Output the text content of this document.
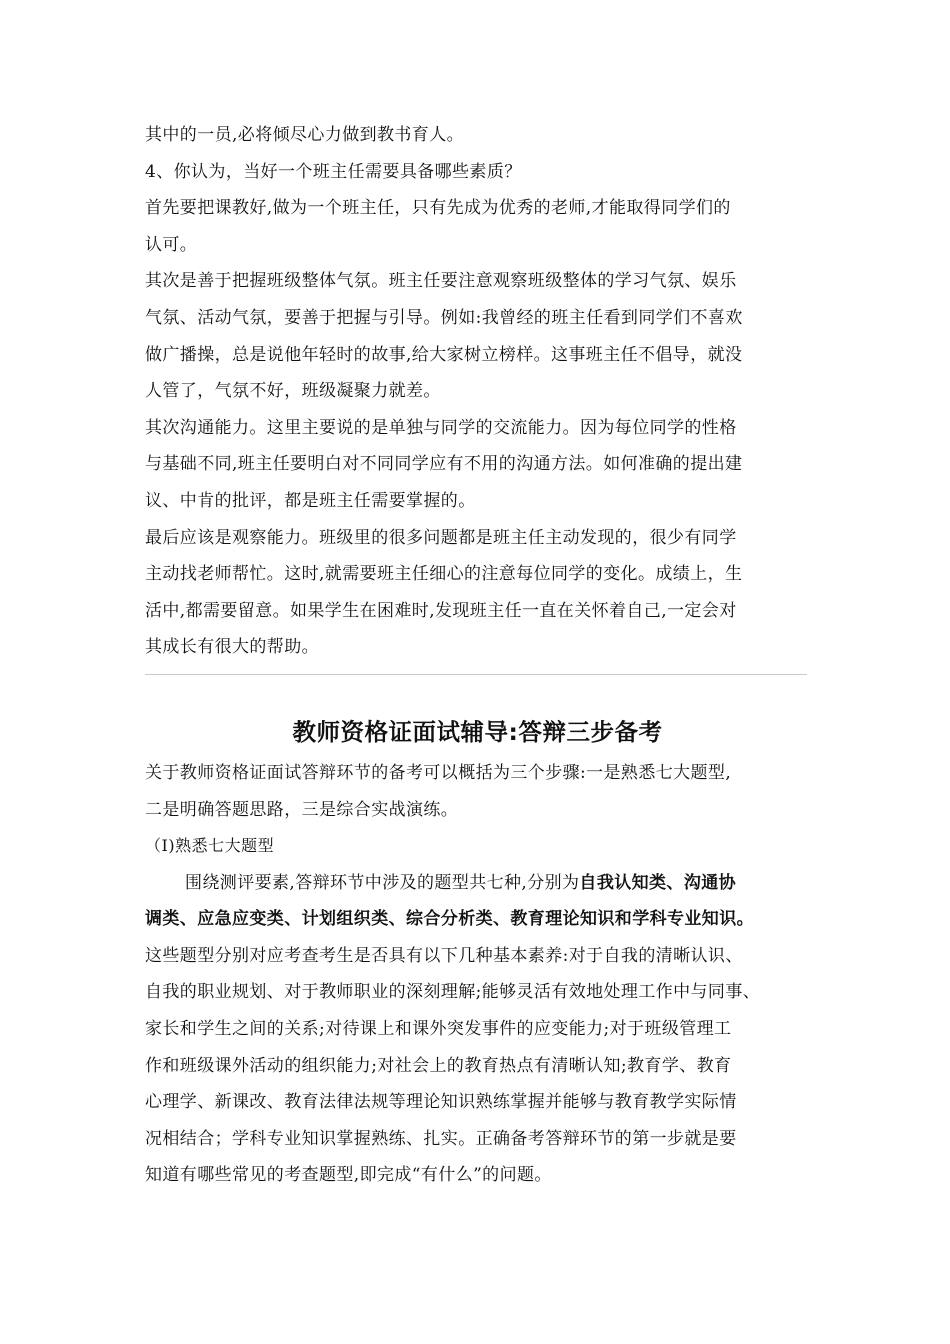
其中的一员,必将倾尽心力做到教书育人。

4、你认为，当好一个班主任需要具备哪些素质？

首先要把课教好,做为一个班主任，只有先成为优秀的老师,才能取得同学们的

认可。

其次是善于把握班级整体气氛。班主任要注意观察班级整体的学习气氛、娱乐

气氛、活动气氛，要善于把握与引导。例如:我曾经的班主任看到同学们不喜欢

做广播操，总是说他年轻时的故事,给大家树立榜样。这事班主任不倡导，就没

人管了，气氛不好，班级凝聚力就差。

其次沟通能力。这里主要说的是单独与同学的交流能力。因为每位同学的性格

与基础不同,班主任要明白对不同同学应有不用的沟通方法。如何准确的提出建

议、中肯的批评，都是班主任需要掌握的。

最后应该是观察能力。班级里的很多问题都是班主任主动发现的，很少有同学

主动找老师帮忙。这时,就需要班主任细心的注意每位同学的变化。成绩上，生

活中,都需要留意。如果学生在困难时,发现班主任一直在关怀着自己,一定会对

其成长有很大的帮助。

教师资格证面试辅导:答辩三步备考

关于教师资格证面试答辩环节的备考可以概括为三个步骤:一是熟悉七大题型,

二是明确答题思路，三是综合实战演练。

（Ⅰ)熟悉七大题型

围绕测评要素,答辩环节中涉及的题型共七种,分别为自我认知类、沟通协

调类、应急应变类、计划组织类、综合分析类、教育理论知识和学科专业知识。

这些题型分别对应考查考生是否具有以下几种基本素养:对于自我的清晰认识、

自我的职业规划、对于教师职业的深刻理解;能够灵活有效地处理工作中与同事、

家长和学生之间的关系;对待课上和课外突发事件的应变能力;对于班级管理工

作和班级课外活动的组织能力;对社会上的教育热点有清晰认知;教育学、教育

心理学、新课改、教育法律法规等理论知识熟练掌握并能够与教育教学实际情

况相结合；学科专业知识掌握熟练、扎实。正确备考答辩环节的第一步就是要

知道有哪些常见的考查题型,即完成“有什么”的问题。
